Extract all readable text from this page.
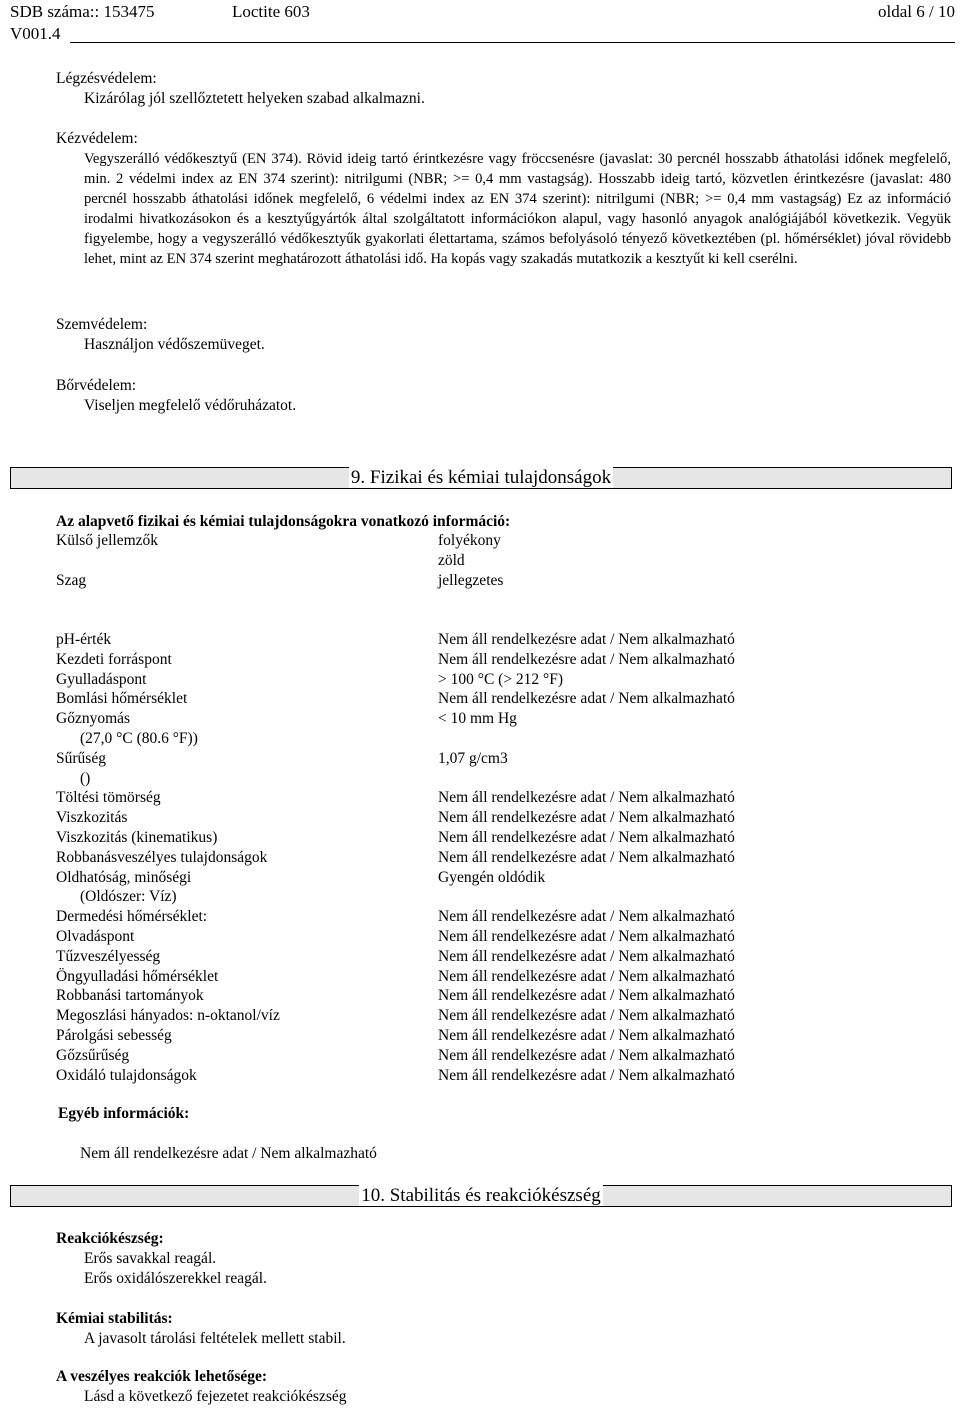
SDB száma:: 153475	Loctite 603	oldal 6 / 10
V001.4
Légzésvédelem:
Kizárólag jól szellőztetett helyeken szabad alkalmazni.
Kézvédelem:
Vegyszerálló védőkesztyű (EN 374). Rövid ideig tartó érintkezésre vagy fröccsenésre (javaslat: 30 percnél hosszabb áthatolási időnek megfelelő, min. 2 védelmi index az EN 374 szerint): nitrilgumi (NBR; >= 0,4 mm vastagság). Hosszabb ideig tartó, közvetlen érintkezésre (javaslat: 480 percnél hosszabb áthatolási időnek megfelelő, 6 védelmi index az EN 374 szerint): nitrilgumi (NBR; >= 0,4 mm vastagság) Ez az információ irodalmi hivatkozásokon és a kesztyűgyártók által szolgáltatott információkon alapul, vagy hasonló anyagok analógiájából következik. Vegyük figyelembe, hogy a vegyszerálló védőkesztyűk gyakorlati élettartama, számos befolyásoló tényező következtében (pl. hőmérséklet) jóval rövidebb lehet, mint az EN 374 szerint meghatározott áthatolási idő. Ha kopás vagy szakadás mutatkozik a kesztyűt ki kell cserélni.
Szemvédelem:
Használjon védőszemüveget.
Bőrvédelem:
Viseljen megfelelő védőruházatot.
9. Fizikai és kémiai tulajdonságok
Az alapvető fizikai és kémiai tulajdonságokra vonatkozó információ:
Külső jellemzők	folyékony
zöld
Szag	jellegzetes
pH-érték	Nem áll rendelkezésre adat / Nem alkalmazható
Kezdeti forráspont	Nem áll rendelkezésre adat / Nem alkalmazható
Gyulladáspont	> 100 °C (> 212 °F)
Bomlási hőmérséklet	Nem áll rendelkezésre adat / Nem alkalmazható
Gőznyomás	< 10 mm Hg
(27,0 °C (80.6 °F))
Sűrűség	1,07 g/cm3
()
Töltési tömörség	Nem áll rendelkezésre adat / Nem alkalmazható
Viszkozitás	Nem áll rendelkezésre adat / Nem alkalmazható
Viszkozitás (kinematikus)	Nem áll rendelkezésre adat / Nem alkalmazható
Robbanásveszélyes tulajdonságok	Nem áll rendelkezésre adat / Nem alkalmazható
Oldhatóság, minőségi	Gyengén oldódik
(Oldószer: Víz)
Dermedési hőmérséklet:	Nem áll rendelkezésre adat / Nem alkalmazható
Olvadáspont	Nem áll rendelkezésre adat / Nem alkalmazható
Tűzveszélyesség	Nem áll rendelkezésre adat / Nem alkalmazható
Öngyulladási hőmérséklet	Nem áll rendelkezésre adat / Nem alkalmazható
Robbanási tartományok	Nem áll rendelkezésre adat / Nem alkalmazható
Megoszlási hányados: n-oktanol/víz	Nem áll rendelkezésre adat / Nem alkalmazható
Párolgási sebesség	Nem áll rendelkezésre adat / Nem alkalmazható
Gőzsűrűség	Nem áll rendelkezésre adat / Nem alkalmazható
Oxidáló tulajdonságok	Nem áll rendelkezésre adat / Nem alkalmazható
Egyéb információk:
Nem áll rendelkezésre adat / Nem alkalmazható
10. Stabilitás és reakciókészség
Reakciókészség:
Erős savakkal reagál.
Erős oxidálószerekkel reagál.
Kémiai stabilitás:
A javasolt tárolási feltételek mellett stabil.
A veszélyes reakciók lehetősége:
Lásd a következő fejezetet reakciókészség
